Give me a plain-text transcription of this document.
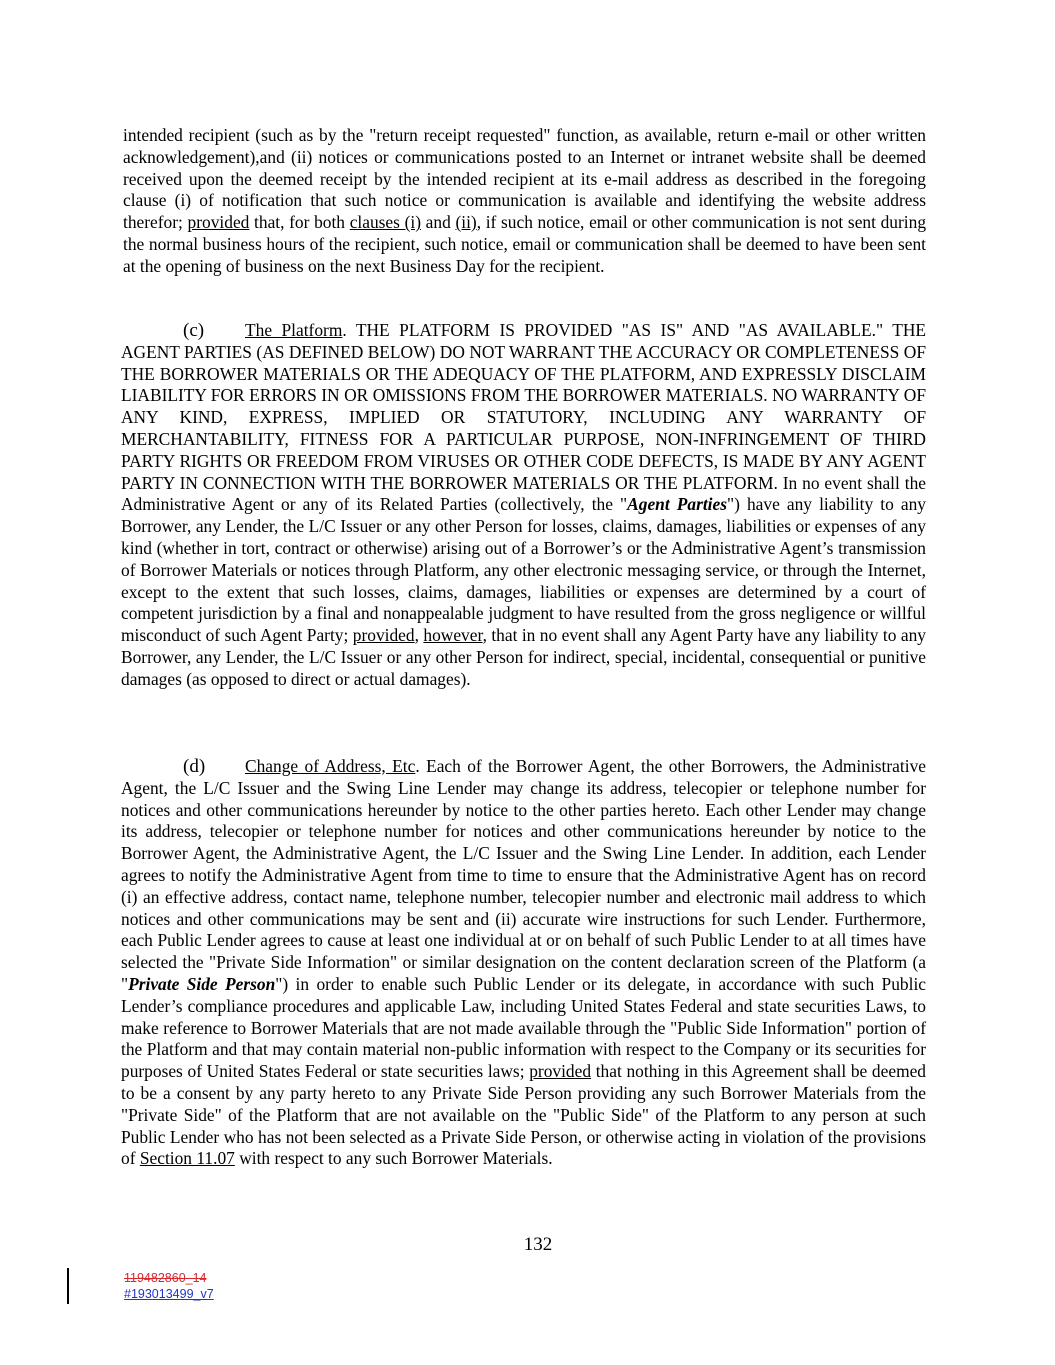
intended recipient (such as by the "return receipt requested" function, as available, return e-mail or other written acknowledgement),and (ii) notices or communications posted to an Internet or intranet website shall be deemed received upon the deemed receipt by the intended recipient at its e-mail address as described in the foregoing clause (i) of notification that such notice or communication is available and identifying the website address therefor; provided that, for both clauses (i) and (ii), if such notice, email or other communication is not sent during the normal business hours of the recipient, such notice, email or communication shall be deemed to have been sent at the opening of business on the next Business Day for the recipient.

(c) The Platform. THE PLATFORM IS PROVIDED "AS IS" AND "AS AVAILABLE." THE AGENT PARTIES (AS DEFINED BELOW) DO NOT WARRANT THE ACCURACY OR COMPLETENESS OF THE BORROWER MATERIALS OR THE ADEQUACY OF THE PLATFORM, AND EXPRESSLY DISCLAIM LIABILITY FOR ERRORS IN OR OMISSIONS FROM THE BORROWER MATERIALS. NO WARRANTY OF ANY KIND, EXPRESS, IMPLIED OR STATUTORY, INCLUDING ANY WARRANTY OF MERCHANTABILITY, FITNESS FOR A PARTICULAR PURPOSE, NON-INFRINGEMENT OF THIRD PARTY RIGHTS OR FREEDOM FROM VIRUSES OR OTHER CODE DEFECTS, IS MADE BY ANY AGENT PARTY IN CONNECTION WITH THE BORROWER MATERIALS OR THE PLATFORM. In no event shall the Administrative Agent or any of its Related Parties (collectively, the "Agent Parties") have any liability to any Borrower, any Lender, the L/C Issuer or any other Person for losses, claims, damages, liabilities or expenses of any kind (whether in tort, contract or otherwise) arising out of a Borrower’s or the Administrative Agent’s transmission of Borrower Materials or notices through Platform, any other electronic messaging service, or through the Internet, except to the extent that such losses, claims, damages, liabilities or expenses are determined by a court of competent jurisdiction by a final and nonappealable judgment to have resulted from the gross negligence or willful misconduct of such Agent Party; provided, however, that in no event shall any Agent Party have any liability to any Borrower, any Lender, the L/C Issuer or any other Person for indirect, special, incidental, consequential or punitive damages (as opposed to direct or actual damages).

(d) Change of Address, Etc. Each of the Borrower Agent, the other Borrowers, the Administrative Agent, the L/C Issuer and the Swing Line Lender may change its address, telecopier or telephone number for notices and other communications hereunder by notice to the other parties hereto. Each other Lender may change its address, telecopier or telephone number for notices and other communications hereunder by notice to the Borrower Agent, the Administrative Agent, the L/C Issuer and the Swing Line Lender. In addition, each Lender agrees to notify the Administrative Agent from time to time to ensure that the Administrative Agent has on record (i) an effective address, contact name, telephone number, telecopier number and electronic mail address to which notices and other communications may be sent and (ii) accurate wire instructions for such Lender. Furthermore, each Public Lender agrees to cause at least one individual at or on behalf of such Public Lender to at all times have selected the "Private Side Information" or similar designation on the content declaration screen of the Platform (a "Private Side Person") in order to enable such Public Lender or its delegate, in accordance with such Public Lender’s compliance procedures and applicable Law, including United States Federal and state securities Laws, to make reference to Borrower Materials that are not made available through the "Public Side Information" portion of the Platform and that may contain material non-public information with respect to the Company or its securities for purposes of United States Federal or state securities laws; provided that nothing in this Agreement shall be deemed to be a consent by any party hereto to any Private Side Person providing any such Borrower Materials from the "Private Side" of the Platform that are not available on the "Public Side" of the Platform to any person at such Public Lender who has not been selected as a Private Side Person, or otherwise acting in violation of the provisions of Section 11.07 with respect to any such Borrower Materials.

132
119482860_14
#193013499_v7
